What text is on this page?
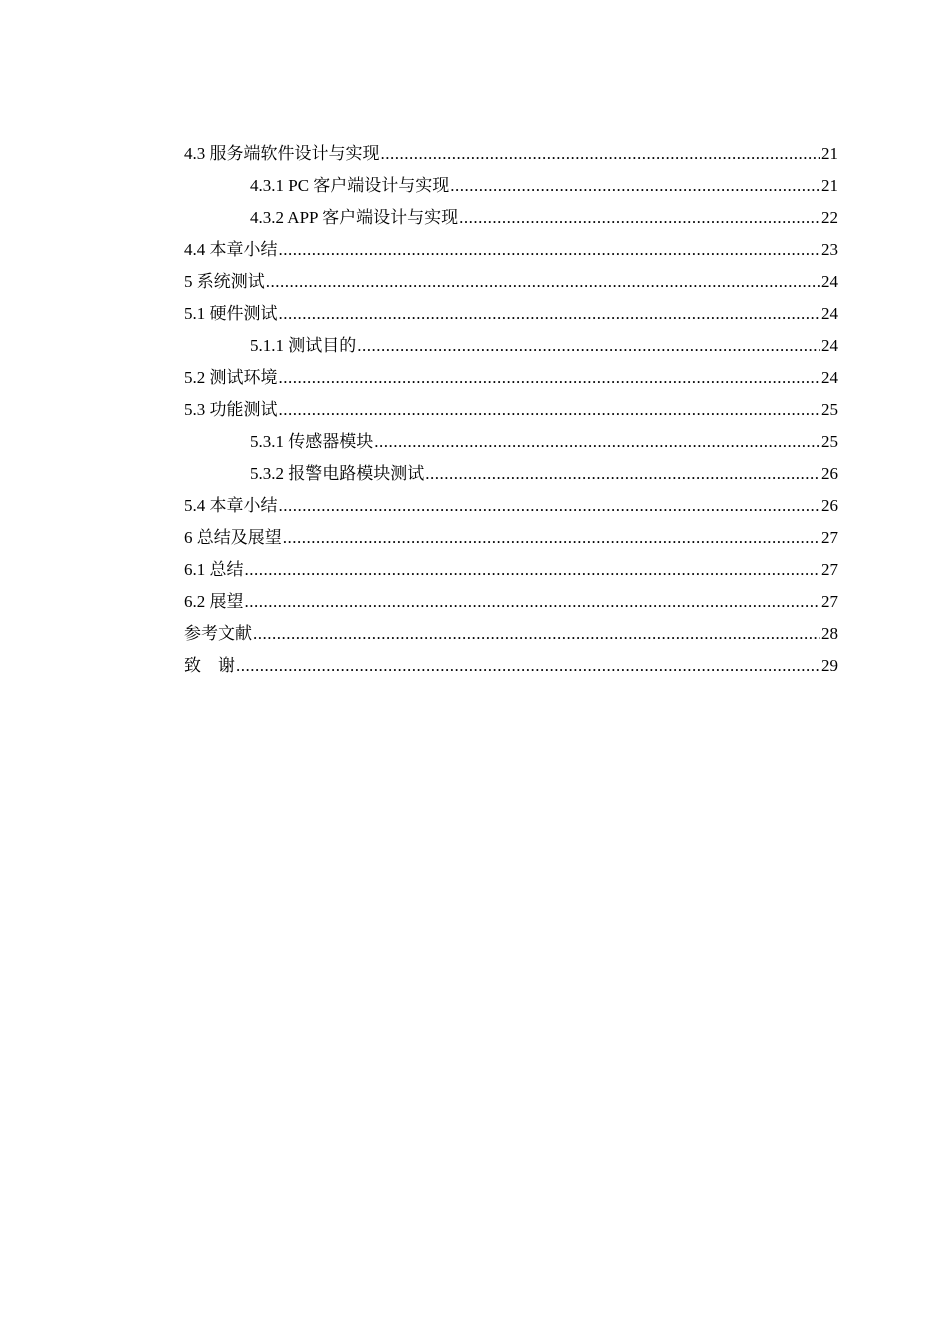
4.3 服务端软件设计与实现 .....	21
4.3.1 PC 客户端设计与实现 .....	21
4.3.2 APP 客户端设计与实现 .....	22
4.4 本章小结 .....	23
5 系统测试 .....	24
5.1 硬件测试 .....	24
5.1.1 测试目的 .....	24
5.2 测试环境 .....	24
5.3 功能测试 .....	25
5.3.1 传感器模块 .....	25
5.3.2 报警电路模块测试 .....	26
5.4 本章小结 .....	26
6 总结及展望 .....	27
6.1 总结 .....	27
6.2 展望 .....	27
参考文献 .....	28
致　谢 .....	29
